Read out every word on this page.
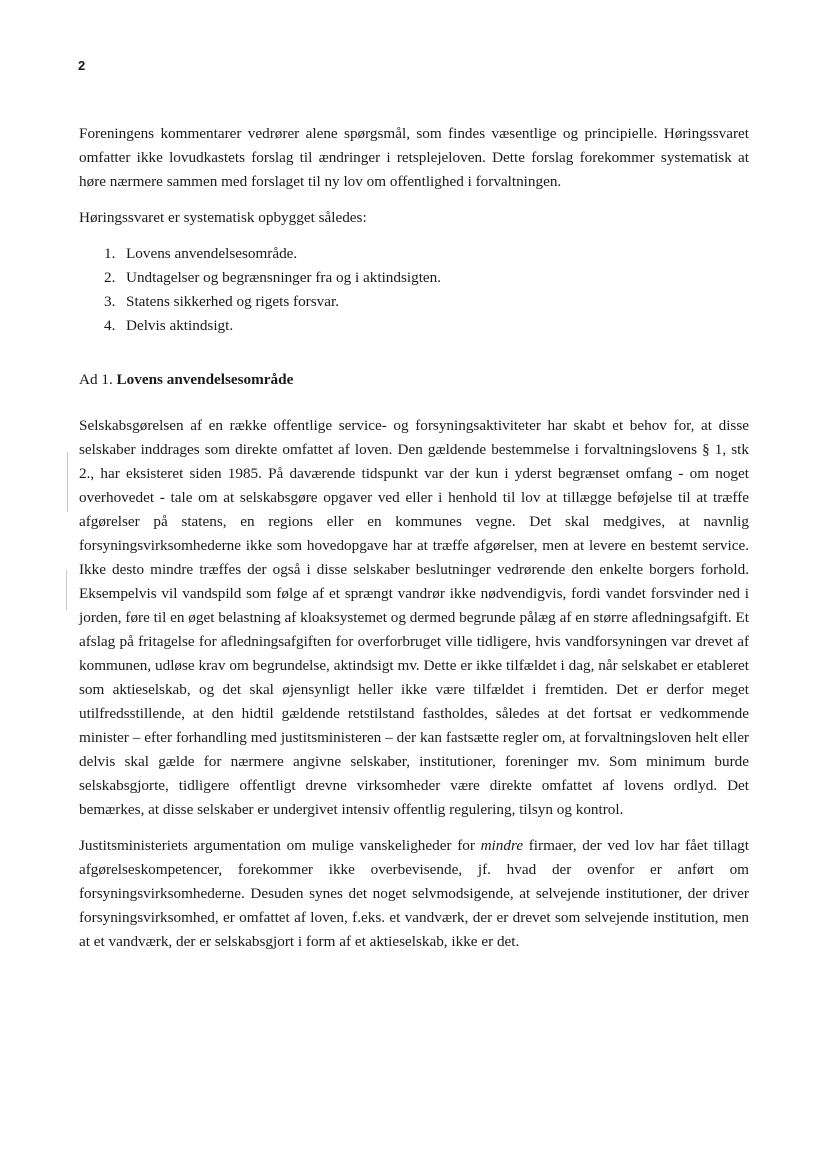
2

Foreningens kommentarer vedrører alene spørgsmål, som findes væsentlige og principielle. Høringssvaret omfatter ikke lovudkastets forslag til ændringer i retsplejeloven. Dette forslag forekommer systematisk at høre nærmere sammen med forslaget til ny lov om offentlighed i forvaltningen.

Høringssvaret er systematisk opbygget således:

1. Lovens anvendelsesområde.
2. Undtagelser og begrænsninger fra og i aktindsigten.
3. Statens sikkerhed og rigets forsvar.
4. Delvis aktindsigt.
Ad 1. Lovens anvendelsesområde

Selskabsgørelsen af en række offentlige service- og forsyningsaktiviteter har skabt et behov for, at disse selskaber inddrages som direkte omfattet af loven. Den gældende bestemmelse i forvaltningslovens § 1, stk 2., har eksisteret siden 1985. På daværende tidspunkt var der kun i yderst begrænset omfang - om noget overhovedet - tale om at selskabsgøre opgaver ved eller i henhold til lov at tillægge beføjelse til at træffe afgørelser på statens, en regions eller en kommunes vegne. Det skal medgives, at navnlig forsyningsvirksomhederne ikke som hovedopgave har at træffe afgørelser, men at levere en bestemt service. Ikke desto mindre træffes der også i disse selskaber beslutninger vedrørende den enkelte borgers forhold. Eksempelvis vil vandspild som følge af et sprængt vandrør ikke nødvendigvis, fordi vandet forsvinder ned i jorden, føre til en øget belastning af kloaksystemet og dermed begrunde pålæg af en større afledningsafgift. Et afslag på fritagelse for afledningsafgiften for overforbruget ville tidligere, hvis vandforsyningen var drevet af kommunen, udløse krav om begrundelse, aktindsigt mv. Dette er ikke tilfældet i dag, når selskabet er etableret som aktieselskab, og det skal øjensynligt heller ikke være tilfældet i fremtiden. Det er derfor meget utilfredsstillende, at den hidtil gældende retstilstand fastholdes, således at det fortsat er vedkommende minister – efter forhandling med justitsministeren – der kan fastsætte regler om, at forvaltningsloven helt eller delvis skal gælde for nærmere angivne selskaber, institutioner, foreninger mv. Som minimum burde selskabsgjorte, tidligere offentligt drevne virksomheder være direkte omfattet af lovens ordlyd. Det bemærkes, at disse selskaber er undergivet intensiv offentlig regulering, tilsyn og kontrol.

Justitsministeriets argumentation om mulige vanskeligheder for mindre firmaer, der ved lov har fået tillagt afgørelseskompetencer, forekommer ikke overbevisende, jf. hvad der ovenfor er anført om forsyningsvirksomhederne. Desuden synes det noget selvmodsigende, at selvejende institutioner, der driver forsyningsvirksomhed, er omfattet af loven, f.eks. et vandværk, der er drevet som selvejende institution, men at et vandværk, der er selskabsgjort i form af et aktieselskab, ikke er det.
